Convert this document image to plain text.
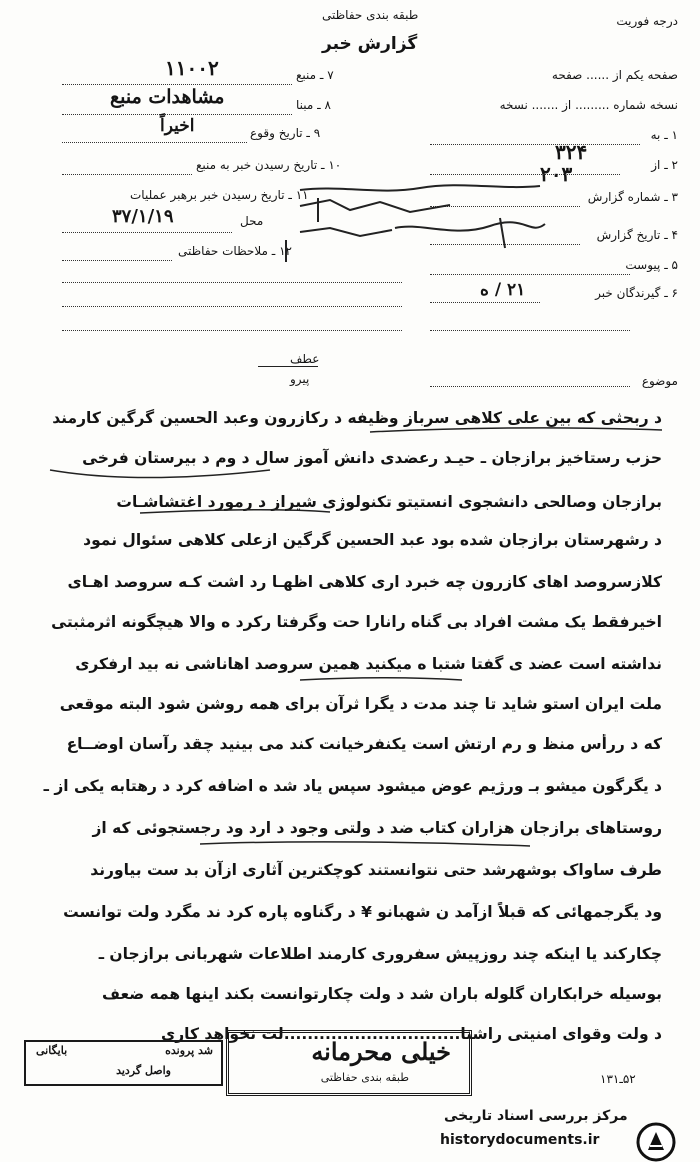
طبقه بندی حفاظتی
گزارش خبر
درجه فوریت
صفحه یکم از ...... صفحه
نسخه شماره ......... از ....... نسخه
۱ ـ به
۲ ـ از
۳۲۴
۲۰۳
۳ ـ شماره گزارش
۴ ـ تاریخ گزارش
۵ ـ پیوست
۶ ـ گیرندگان خبر
۲۱ / ه
۷ ـ منبع
۱۱۰۰۲
۸ ـ مبنا
مشاهدات منبع
۹ ـ تاریخ وقوع
اخیراً
۱۰ ـ تاریخ رسیدن خبر به منبع
۱۱ ـ تاریخ رسیدن خبر برهبر عملیات
محل
۳۷/۱/۱۹
۱۲ ـ ملاحظات حفاظتی
عطف
پیرو	موضوع
د ربحثی که بین علی کلاهی سرباز وظیفه د رکازرون وعبد الحسین گرگین کارمند
حزب رستاخیز برازجان ـ حیـد رعضدی دانش آموز سال د وم د بیرستان فرخی
برازجان وصالحی دانشجوی انستیتو تکنولوژی شیراز د رمورد اغتشاشـات
د رشهرستان برازجان شده بود عبد الحسین گرگین ازعلی کلاهی سئوال نمود
کلازسروصد اهای کازرون چه خبرد اری کلاهی اظهـا رد اشت کـه سروصد اهـای
اخیرفقط یک مشت افراد بی گناه رانارا حت وگرفتا رکرد ه والا هیچگونه اثرمثبتی
نداشته است عضد ی گفتا شتبا ه میکنید همین سروصد اهاناشی نه بید ارفکری
ملت ایران استو شاید تا چند مدت د یگرا ثرآن برای همه روشن شود البته موقعی
که د ررأس منظ و رم ارتش است یکنفرخیانت کند می بینید چقد رآسان اوضــاع
د یگرگون میشو بـ ورژیم عوض میشود سپس یاد شد ه اضافه کرد د رهتابه یکی از ـ
روستاهای برازجان هزاران کتاب ضد د ولتی وجود د ارد ود رجستجوئی که از
طرف ساواک بوشهرشد حتی نتوانستند کوچکترین آثاری ازآن بد ست بیاورند
ود یگرجمهائی که قبلاً ازآمد ن شهبانو ¥ د رگناوه پاره کرد ند مگرد ولت توانست
چکارکند یا اینکه چند روزپیش سفروری کارمند اطلاعات شهربانی برازجان ـ
بوسیله خرابکاران گلوله باران شد د ولت چکارتوانست بکند اینها همه ضعف
د ولت وقوای امنیتی راشنا..............................لت نخواهد کاری
شد پرونده
بایگانی
واصل گردید
خیلی محرمانه
طبقه بندی حفاظتی	۵۲ـ۱۳۱
مرکز بررسی اسناد تاریخی
historydocuments.ir
